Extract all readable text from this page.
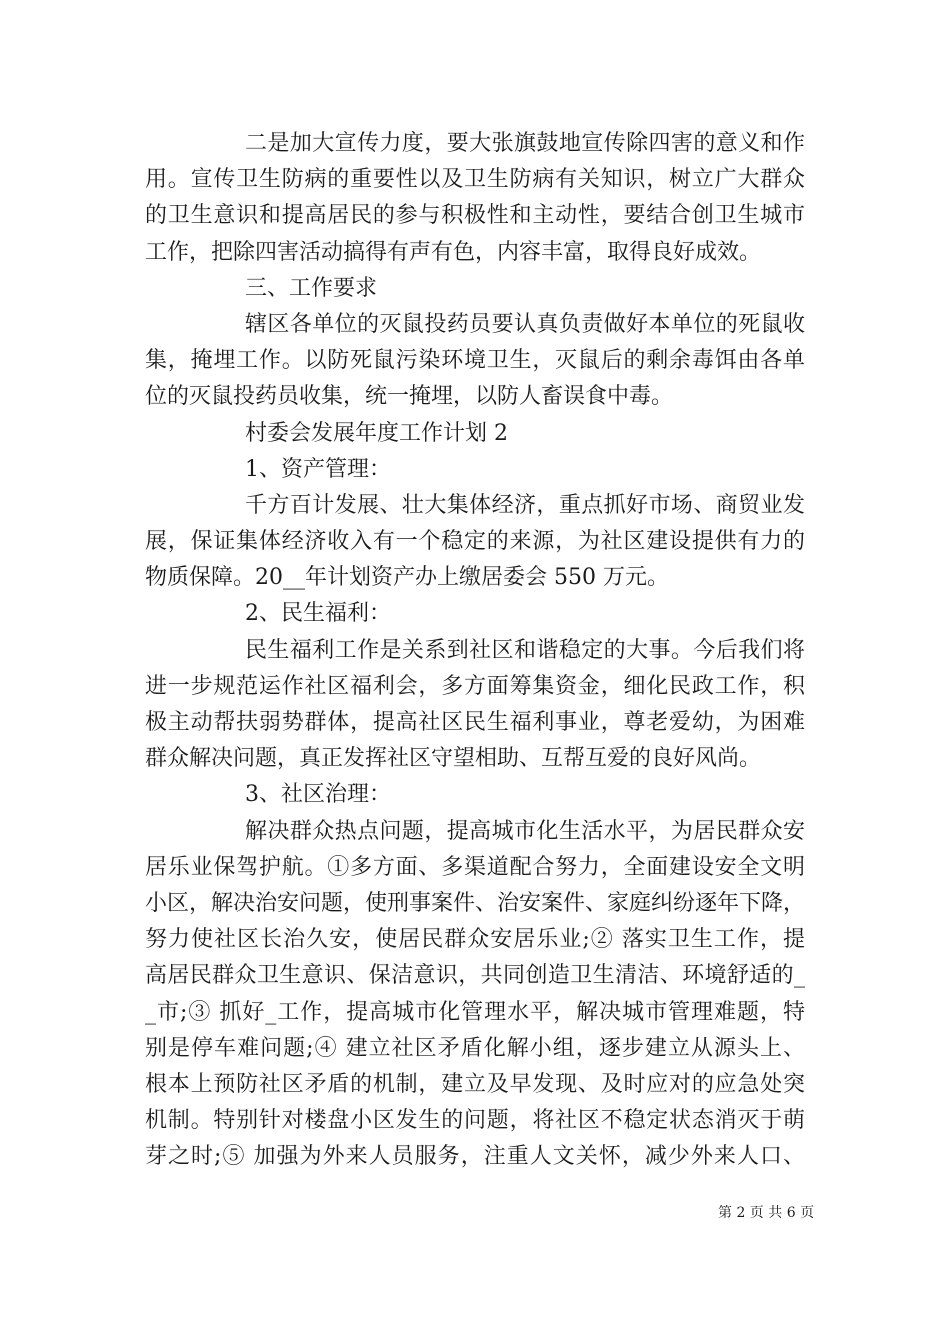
二是加大宣传力度，要大张旗鼓地宣传除四害的意义和作
用。宣传卫生防病的重要性以及卫生防病有关知识，树立广大群众
的卫生意识和提高居民的参与积极性和主动性，要结合创卫生城市
工作，把除四害活动搞得有声有色，内容丰富，取得良好成效。
三、工作要求
辖区各单位的灭鼠投药员要认真负责做好本单位的死鼠收
集，掩埋工作。以防死鼠污染环境卫生，灭鼠后的剩余毒饵由各单
位的灭鼠投药员收集，统一掩埋，以防人畜误食中毒。
村委会发展年度工作计划 2
1、资产管理：
千方百计发展、壮大集体经济，重点抓好市场、商贸业发
展，保证集体经济收入有一个稳定的来源，为社区建设提供有力的
物质保障。20__年计划资产办上缴居委会 550 万元。
2、民生福利：
民生福利工作是关系到社区和谐稳定的大事。今后我们将
进一步规范运作社区福利会，多方面筹集资金，细化民政工作，积
极主动帮扶弱势群体，提高社区民生福利事业，尊老爱幼，为困难
群众解决问题，真正发挥社区守望相助、互帮互爱的良好风尚。
3、社区治理：
解决群众热点问题，提高城市化生活水平，为居民群众安
居乐业保驾护航。①多方面、多渠道配合努力，全面建设安全文明
小区，解决治安问题，使刑事案件、治安案件、家庭纠纷逐年下降，
努力使社区长治久安，使居民群众安居乐业;② 落实卫生工作，提
高居民群众卫生意识、保洁意识，共同创造卫生清洁、环境舒适的_
_市;③ 抓好_工作，提高城市化管理水平，解决城市管理难题，特
别是停车难问题;④ 建立社区矛盾化解小组，逐步建立从源头上、
根本上预防社区矛盾的机制，建立及早发现、及时应对的应急处突
机制。特别针对楼盘小区发生的问题，将社区不稳定状态消灭于萌
芽之时;⑤ 加强为外来人员服务，注重人文关怀，减少外来人口、
第 2 页 共 6 页
